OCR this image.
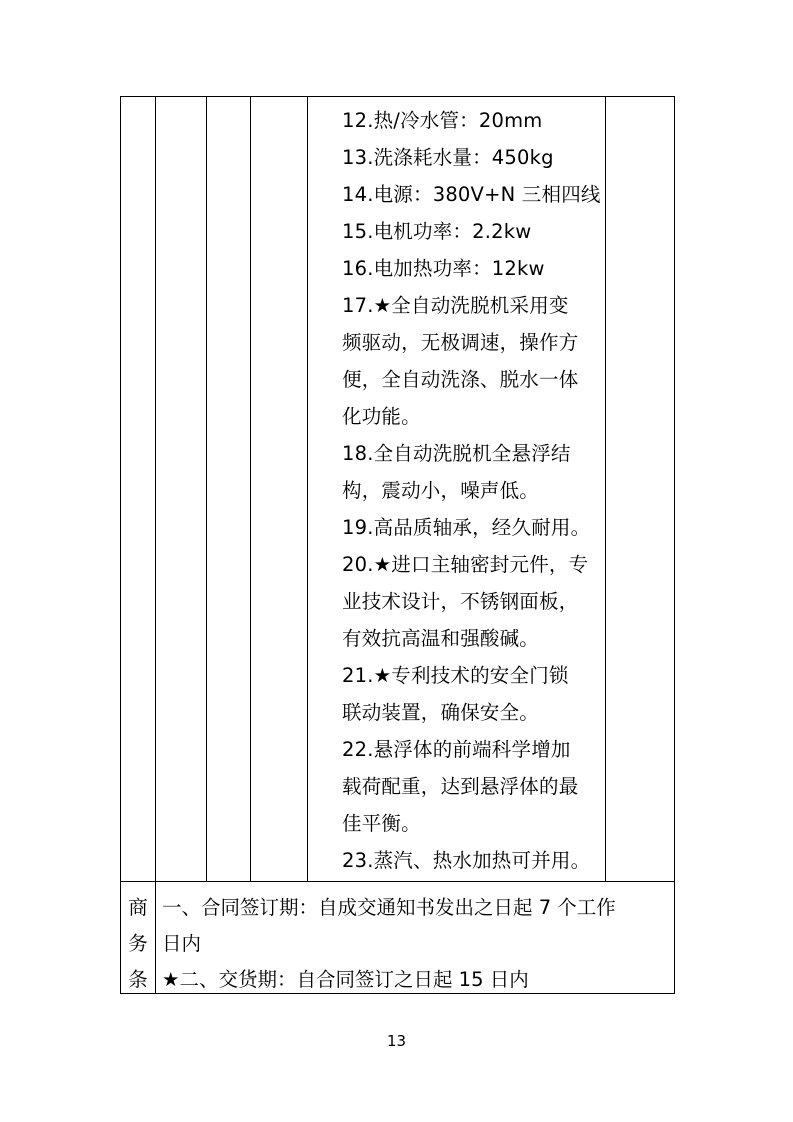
12.热/冷水管：20mm
13.洗涤耗水量：450kg
14.电源：380V+N 三相四线
15.电机功率：2.2kw
16.电加热功率：12kw
17.★全自动洗脱机采用变
频驱动，无极调速，操作方
便，全自动洗涤、脱水一体
化功能。
18.全自动洗脱机全悬浮结
构，震动小，噪声低。
19.高品质轴承，经久耐用。
20.★进口主轴密封元件，专
业技术设计，不锈钢面板，
有效抗高温和强酸碱。
21.★专利技术的安全门锁
联动装置，确保安全。
22.悬浮体的前端科学增加
载荷配重，达到悬浮体的最
佳平衡。
23.蒸汽、热水加热可并用。
商
务
条
一、合同签订期：自成交通知书发出之日起 7 个工作
日内
★二、交货期：自合同签订之日起 15 日内
13
